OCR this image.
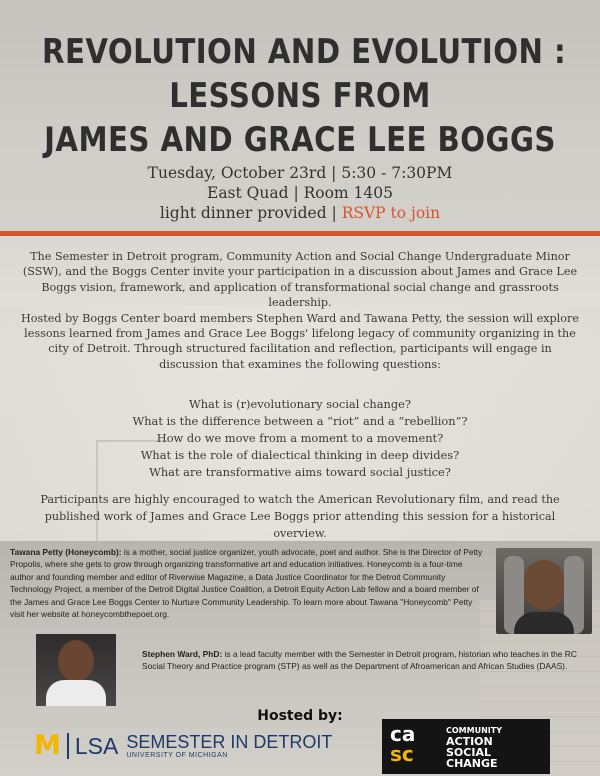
REVOLUTION AND EVOLUTION :
LESSONS FROM
JAMES AND GRACE LEE BOGGS
Tuesday, October 23rd | 5:30 - 7:30PM
East Quad | Room 1405
light dinner provided | RSVP to join
The Semester in Detroit program, Community Action and Social Change Undergraduate Minor (SSW), and the Boggs Center invite your participation in a discussion about James and Grace Lee Boggs vision, framework, and application of transformational social change and grassroots leadership.
Hosted by Boggs Center board members Stephen Ward and Tawana Petty, the session will explore lessons learned from James and Grace Lee Boggs' lifelong legacy of community organizing in the city of Detroit. Through structured facilitation and reflection, participants will engage in discussion that examines the following questions:
What is (r)evolutionary social change?
What is the difference between a “riot” and a “rebellion”?
How do we move from a moment to a movement?
What is the role of dialectical thinking in deep divides?
What are transformative aims toward social justice?
Participants are highly encouraged to watch the American Revolutionary film, and read the published work of James and Grace Lee Boggs prior attending this session for a historical overview.
Tawana Petty (Honeycomb): is a mother, social justice organizer, youth advocate, poet and author. She is the Director of Petty Propolis, where she gets to grow through organizing transformative art and education initiatives. Honeycomb is a four-time author and founding member and editor of Riverwise Magazine, a Data Justice Coordinator for the Detroit Community Technology Project, a member of the Detroit Digital Justice Coalition, a Detroit Equity Action Lab fellow and a board member of the James and Grace Lee Boggs Center to Nurture Community Leadership. To learn more about Tawana "Honeycomb" Petty visit her website at honeycombthepoet.org.
Stephen Ward, PhD: is a lead faculty member with the Semester in Detroit program, historian who teaches in the RC Social Theory and Practice program (STP) as well as the Department of Afroamerican and African Studies (DAAS).
Hosted by:
M LSA SEMESTER IN DETROIT
UNIVERSITY OF MICHIGAN
ca
sc
COMMUNITY
ACTION
SOCIAL
CHANGE
